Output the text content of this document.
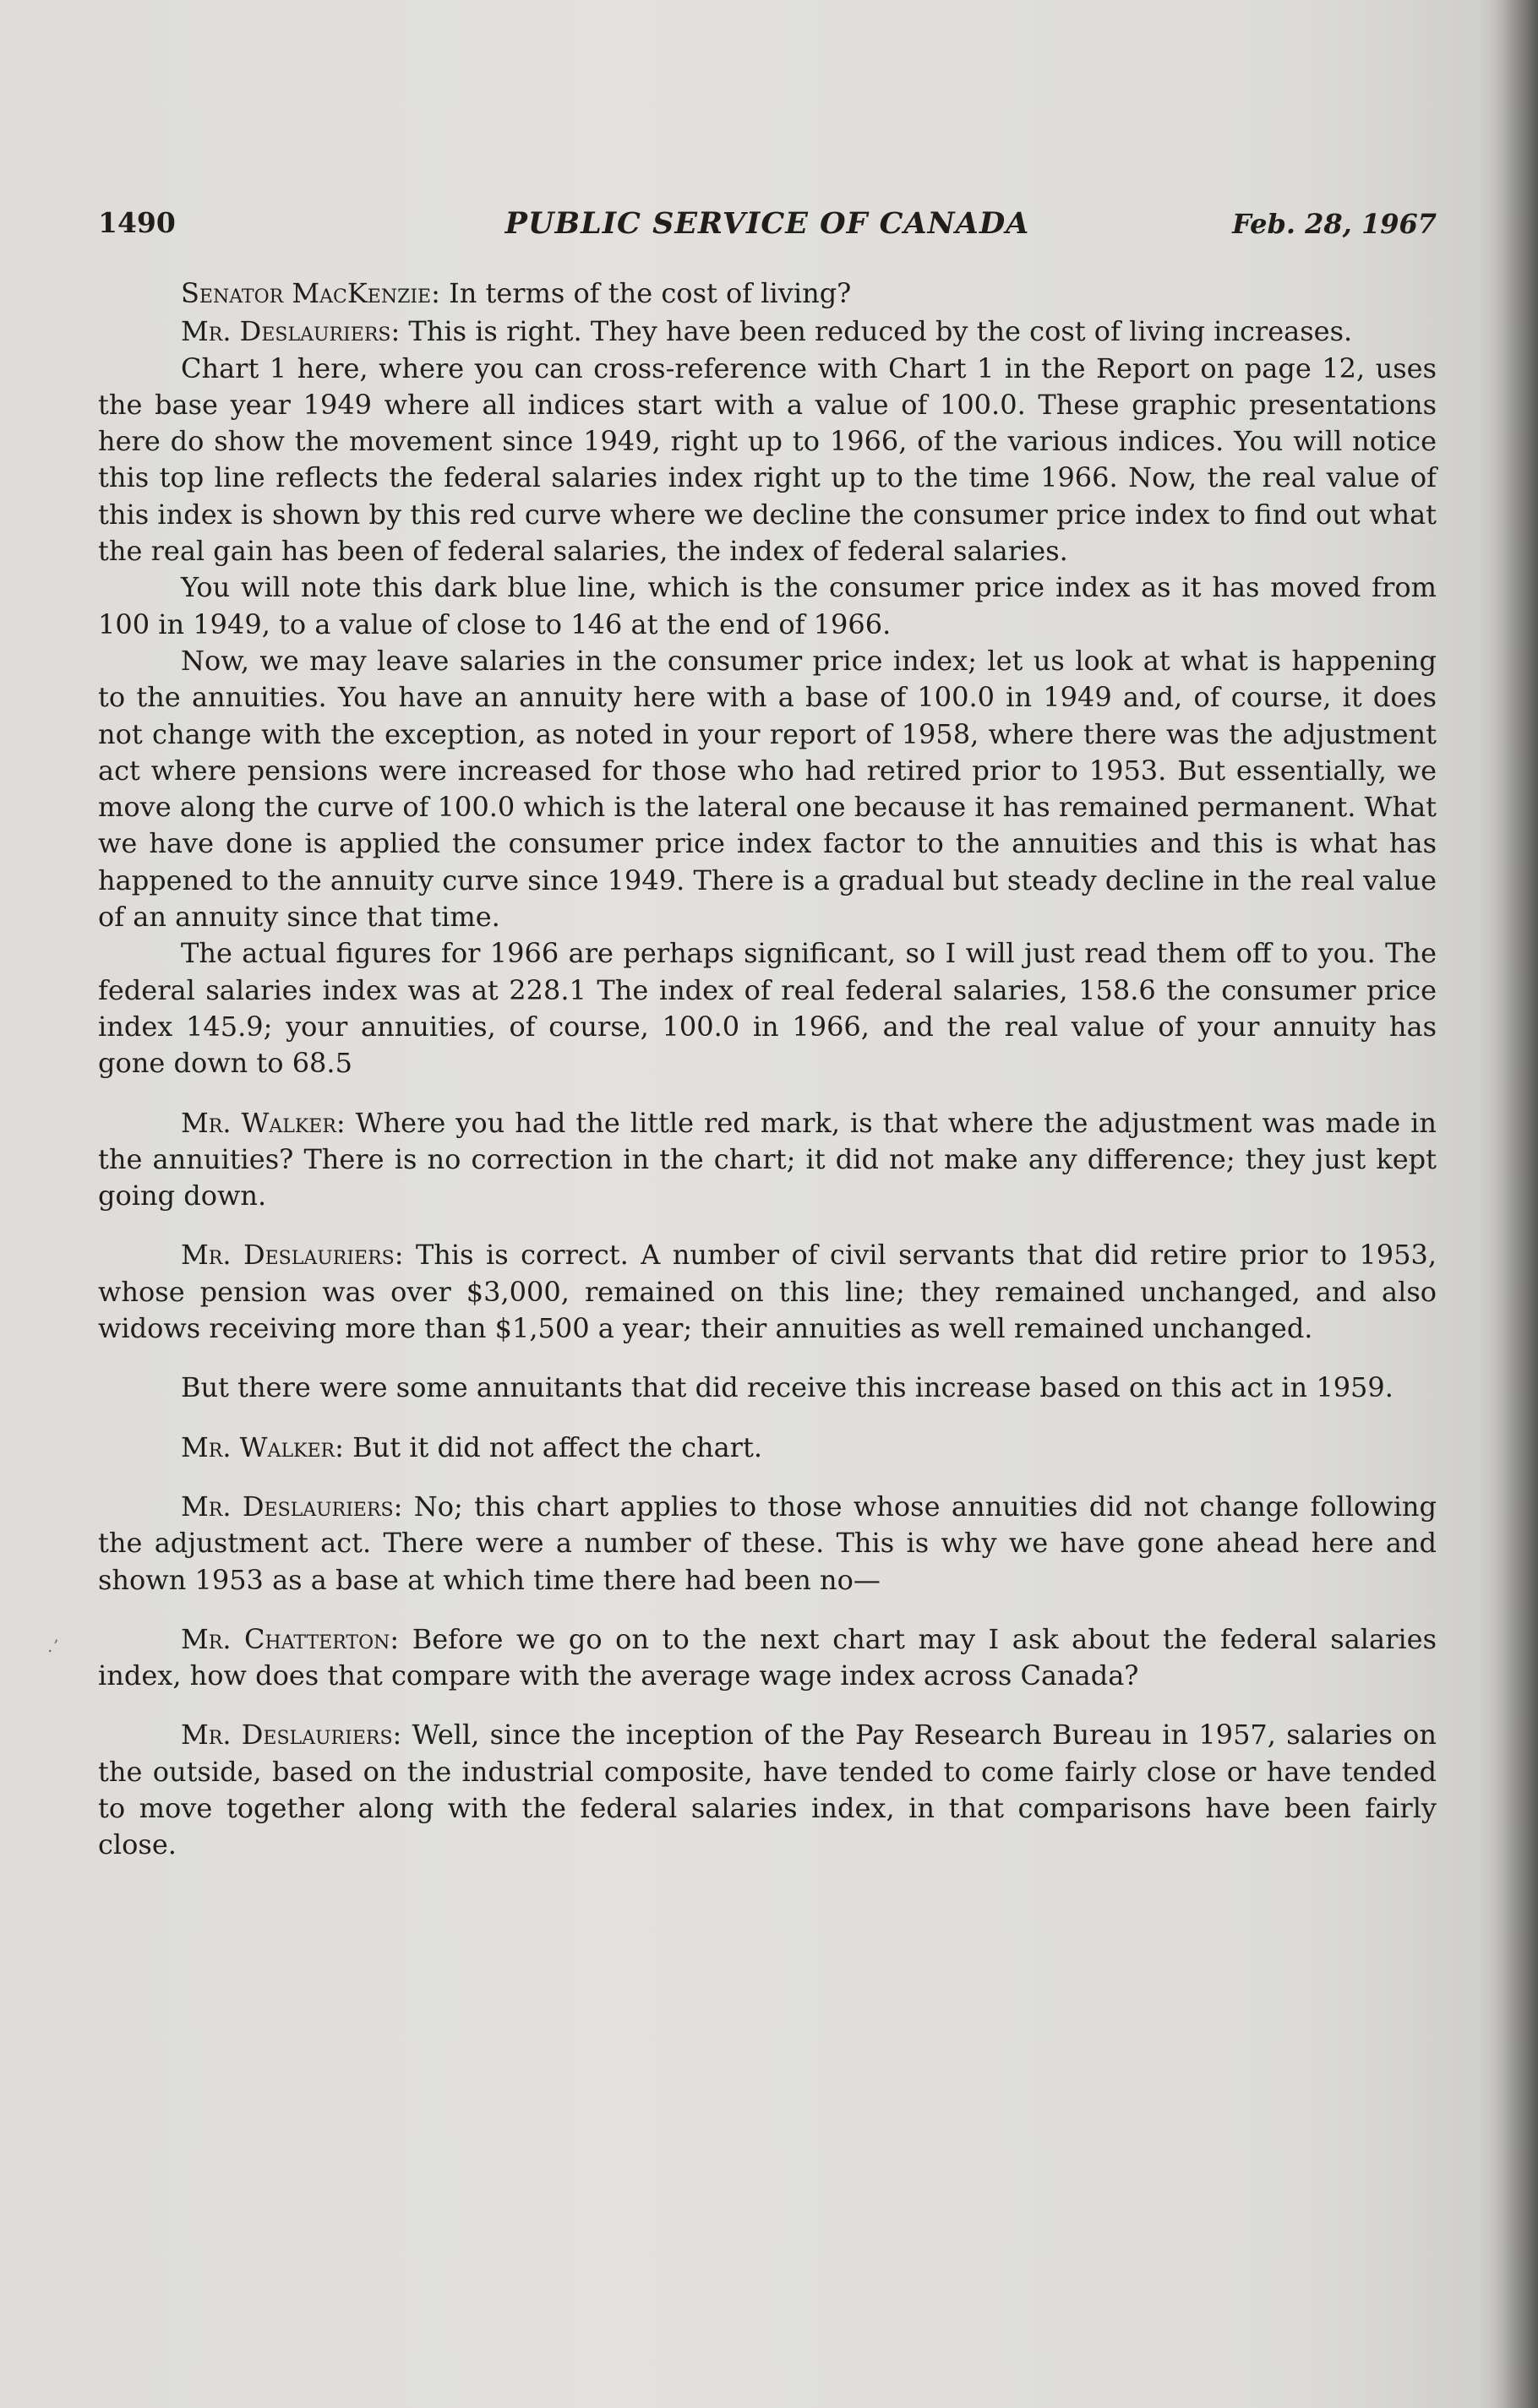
1490	PUBLIC SERVICE OF CANADA	Feb. 28, 1967

Senator MacKenzie: In terms of the cost of living?

Mr. Deslauriers: This is right. They have been reduced by the cost of living increases.

Chart 1 here, where you can cross-reference with Chart 1 in the Report on page 12, uses the base year 1949 where all indices start with a value of 100.0. These graphic presentations here do show the movement since 1949, right up to 1966, of the various indices. You will notice this top line reflects the federal salaries index right up to the time 1966. Now, the real value of this index is shown by this red curve where we decline the consumer price index to find out what the real gain has been of federal salaries, the index of federal salaries.

You will note this dark blue line, which is the consumer price index as it has moved from 100 in 1949, to a value of close to 146 at the end of 1966.

Now, we may leave salaries in the consumer price index; let us look at what is happening to the annuities. You have an annuity here with a base of 100.0 in 1949 and, of course, it does not change with the exception, as noted in your report of 1958, where there was the adjustment act where pensions were increased for those who had retired prior to 1953. But essentially, we move along the curve of 100.0 which is the lateral one because it has remained permanent. What we have done is applied the consumer price index factor to the annuities and this is what has happened to the annuity curve since 1949. There is a gradual but steady decline in the real value of an annuity since that time.

The actual figures for 1966 are perhaps significant, so I will just read them off to you. The federal salaries index was at 228.1 The index of real federal salaries, 158.6 the consumer price index 145.9; your annuities, of course, 100.0 in 1966, and the real value of your annuity has gone down to 68.5

Mr. Walker: Where you had the little red mark, is that where the adjustment was made in the annuities? There is no correction in the chart; it did not make any difference; they just kept going down.

Mr. Deslauriers: This is correct. A number of civil servants that did retire prior to 1953, whose pension was over $3,000, remained on this line; they remained unchanged, and also widows receiving more than $1,500 a year; their annuities as well remained unchanged.

But there were some annuitants that did receive this increase based on this act in 1959.

Mr. Walker: But it did not affect the chart.

Mr. Deslauriers: No; this chart applies to those whose annuities did not change following the adjustment act. There were a number of these. This is why we have gone ahead here and shown 1953 as a base at which time there had been no—

Mr. Chatterton: Before we go on to the next chart may I ask about the federal salaries index, how does that compare with the average wage index across Canada?

Mr. Deslauriers: Well, since the inception of the Pay Research Bureau in 1957, salaries on the outside, based on the industrial composite, have tended to come fairly close or have tended to move together along with the federal salaries index, in that comparisons have been fairly close.

.ʼ
